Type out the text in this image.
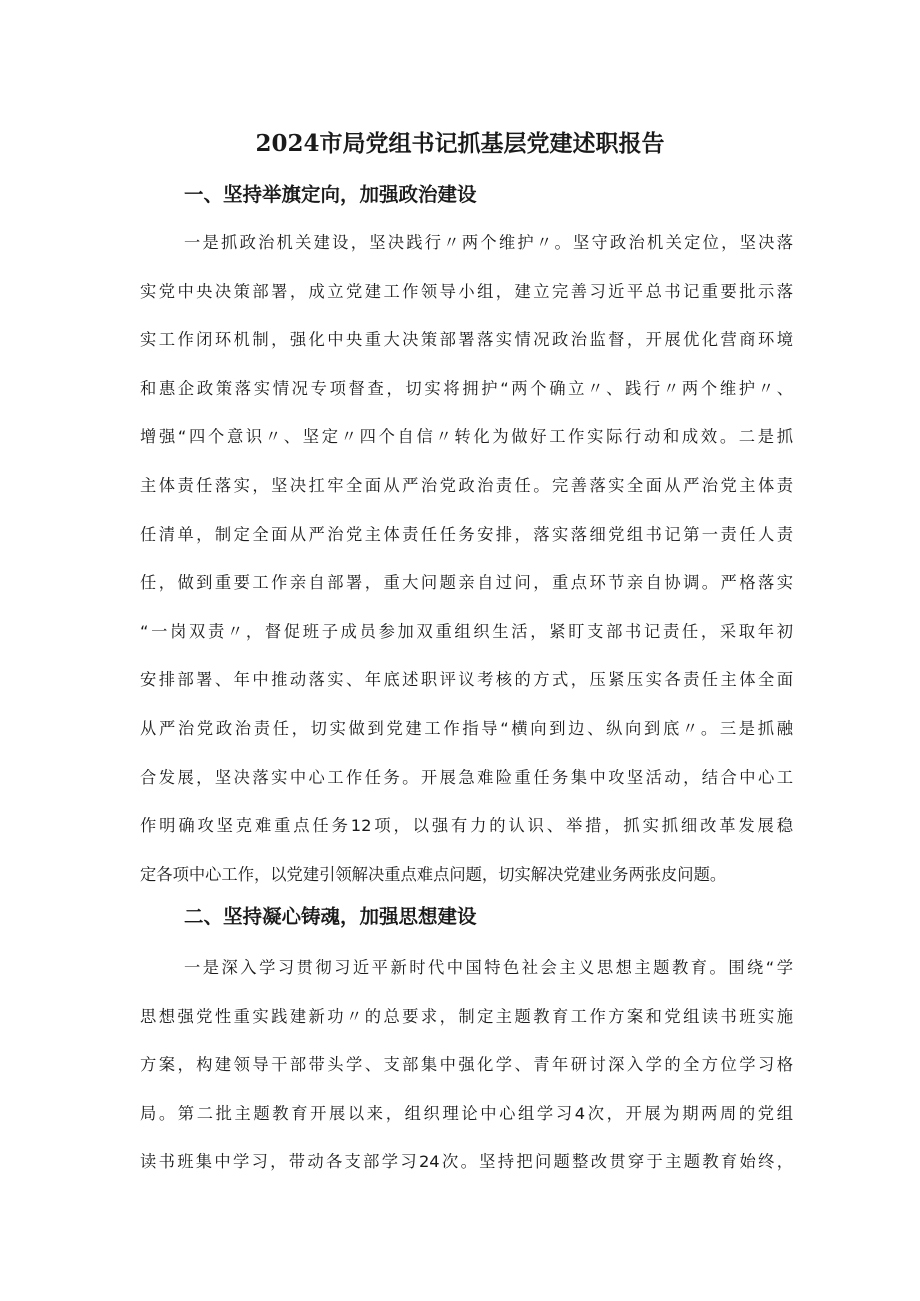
2024市局党组书记抓基层党建述职报告
一、坚持举旗定向，加强政治建设
一是抓政治机关建设，坚决践行〃两个维护〃。坚守政治机关定位，坚决落
实党中央决策部署，成立党建工作领导小组，建立完善习近平总书记重要批示落
实工作闭环机制，强化中央重大决策部署落实情况政治监督，开展优化营商环境
和惠企政策落实情况专项督查，切实将拥护“两个确立〃、践行〃两个维护〃、
增强“四个意识〃、坚定〃四个自信〃转化为做好工作实际行动和成效。二是抓
主体责任落实，坚决扛牢全面从严治党政治责任。完善落实全面从严治党主体责
任清单，制定全面从严治党主体责任任务安排，落实落细党组书记第一责任人责
任，做到重要工作亲自部署，重大问题亲自过问，重点环节亲自协调。严格落实
“一岗双责〃，督促班子成员参加双重组织生活，紧盯支部书记责任，采取年初
安排部署、年中推动落实、年底述职评议考核的方式，压紧压实各责任主体全面
从严治党政治责任，切实做到党建工作指导“横向到边、纵向到底〃。三是抓融
合发展，坚决落实中心工作任务。开展急难险重任务集中攻坚活动，结合中心工
作明确攻坚克难重点任务12项，以强有力的认识、举措，抓实抓细改革发展稳
定各项中心工作，以党建引领解决重点难点问题，切实解决党建业务两张皮问题。
二、坚持凝心铸魂，加强思想建设
一是深入学习贯彻习近平新时代中国特色社会主义思想主题教育。围绕“学
思想强党性重实践建新功〃的总要求，制定主题教育工作方案和党组读书班实施
方案，构建领导干部带头学、支部集中强化学、青年研讨深入学的全方位学习格
局。第二批主题教育开展以来，组织理论中心组学习4次，开展为期两周的党组
读书班集中学习，带动各支部学习24次。坚持把问题整改贯穿于主题教育始终，
